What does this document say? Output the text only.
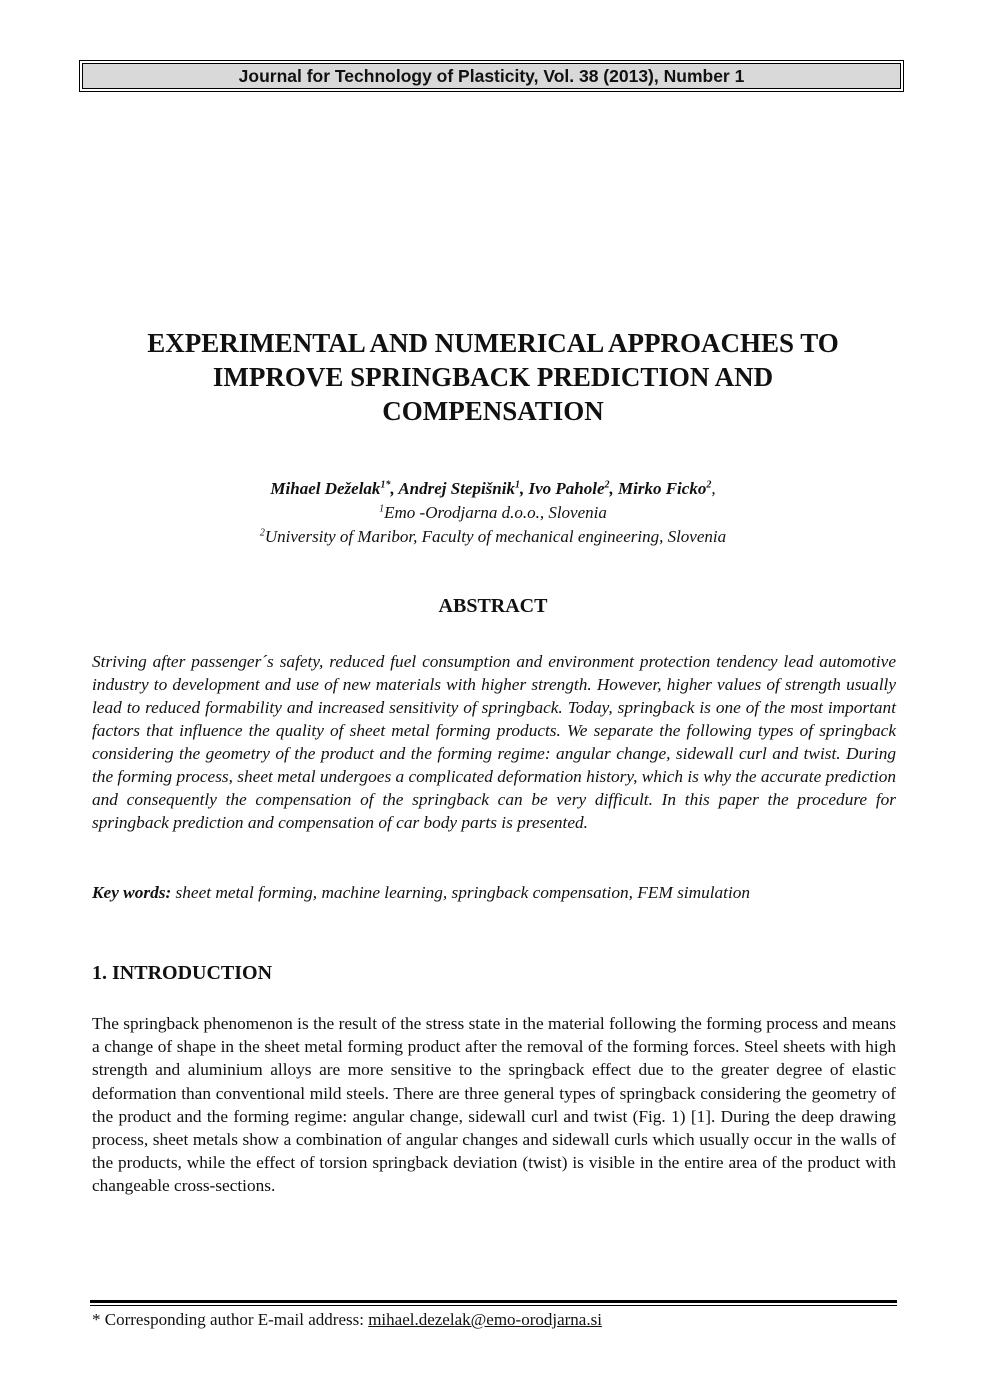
Journal for Technology of Plasticity, Vol. 38 (2013), Number 1
EXPERIMENTAL AND NUMERICAL APPROACHES TO
IMPROVE SPRINGBACK PREDICTION AND
COMPENSATION
Mihael Deželak$^{1*}$, Andrej Stepišnik$^1$, Ivo Pahole$^2$, Mirko Ficko$^2$,
$^1$Emo -Orodjarna d.o.o., Slovenia
$^2$University of Maribor, Faculty of mechanical engineering, Slovenia
ABSTRACT

Striving after passenger´s safety, reduced fuel consumption and environment protection tendency lead automotive industry to development and use of new materials with higher strength. However, higher values of strength usually lead to reduced formability and increased sensitivity of springback. Today, springback is one of the most important factors that influence the quality of sheet metal forming products. We separate the following types of springback considering the geometry of the product and the forming regime: angular change, sidewall curl and twist. During the forming process, sheet metal undergoes a complicated deformation history, which is why the accurate prediction and consequently the compensation of the springback can be very difficult. In this paper the procedure for springback prediction and compensation of car body parts is presented.

Key words: sheet metal forming, machine learning, springback compensation, FEM simulation
1. INTRODUCTION
The springback phenomenon is the result of the stress state in the material following the forming process and means a change of shape in the sheet metal forming product after the removal of the forming forces. Steel sheets with high strength and aluminium alloys are more sensitive to the springback effect due to the greater degree of elastic deformation than conventional mild steels. There are three general types of springback considering the geometry of the product and the forming regime: angular change, sidewall curl and twist (Fig. 1) [1]. During the deep drawing process, sheet metals show a combination of angular changes and sidewall curls which usually occur in the walls of the products, while the effect of torsion springback deviation (twist) is visible in the entire area of the product with changeable cross-sections.
* Corresponding author E-mail address: mihael.dezelak@emo-orodjarna.si
